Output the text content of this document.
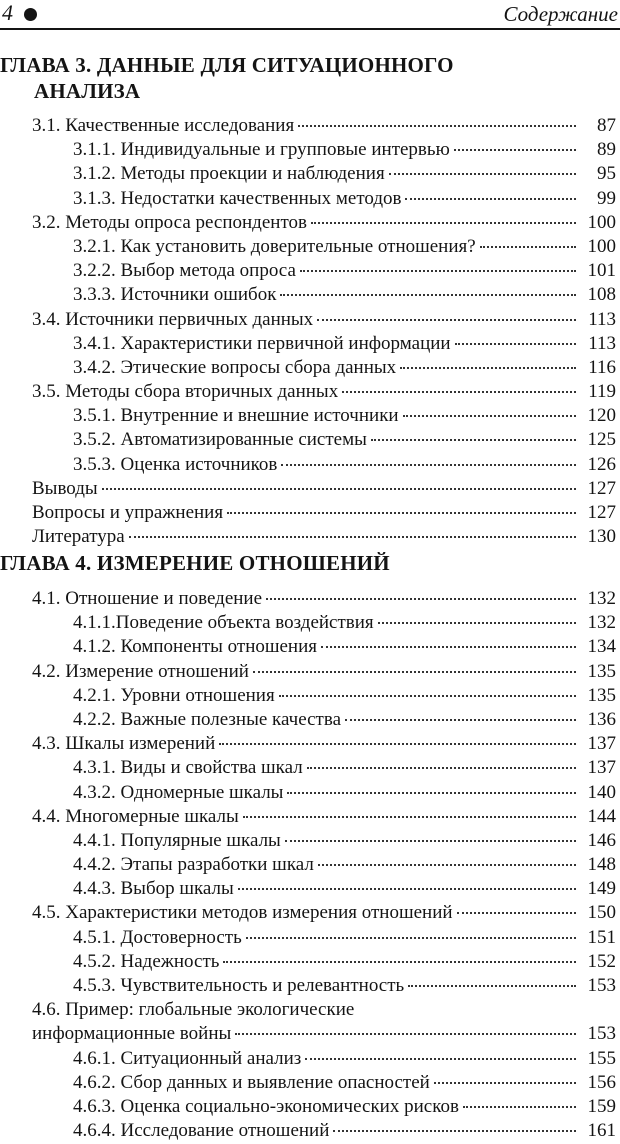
4	Содержание
ГЛАВА 3. ДАННЫЕ ДЛЯ СИТУАЦИОННОГО
АНАЛИЗА
3.1. Качественные исследования	87
3.1.1. Индивидуальные и групповые интервью	89
3.1.2. Методы проекции и наблюдения	95
3.1.3. Недостатки качественных методов	99
3.2. Методы опроса респондентов	100
3.2.1. Как установить доверительные отношения?	100
3.2.2. Выбор метода опроса	101
3.3.3. Источники ошибок	108
3.4. Источники первичных данных	113
3.4.1. Характеристики первичной информации	113
3.4.2. Этические вопросы сбора данных	116
3.5. Методы сбора вторичных данных	119
3.5.1. Внутренние и внешние источники	120
3.5.2. Автоматизированные системы	125
3.5.3. Оценка источников	126
Выводы	127
Вопросы и упражнения	127
Литература	130
ГЛАВА 4. ИЗМЕРЕНИЕ ОТНОШЕНИЙ
4.1. Отношение и поведение	132
4.1.1.Поведение объекта воздействия	132
4.1.2. Компоненты отношения	134
4.2. Измерение отношений	135
4.2.1. Уровни отношения	135
4.2.2. Важные полезные качества	136
4.3. Шкалы измерений	137
4.3.1. Виды и свойства шкал	137
4.3.2. Одномерные шкалы	140
4.4. Многомерные шкалы	144
4.4.1. Популярные шкалы	146
4.4.2. Этапы разработки шкал	148
4.4.3. Выбор шкалы	149
4.5. Характеристики методов измерения отношений	150
4.5.1. Достоверность	151
4.5.2. Надежность	152
4.5.3. Чувствительность и релевантность	153
4.6. Пример: глобальные экологические
информационные войны	153
4.6.1. Ситуационный анализ	155
4.6.2. Сбор данных и выявление опасностей	156
4.6.3. Оценка социально-экономических рисков	159
4.6.4. Исследование отношений	161
